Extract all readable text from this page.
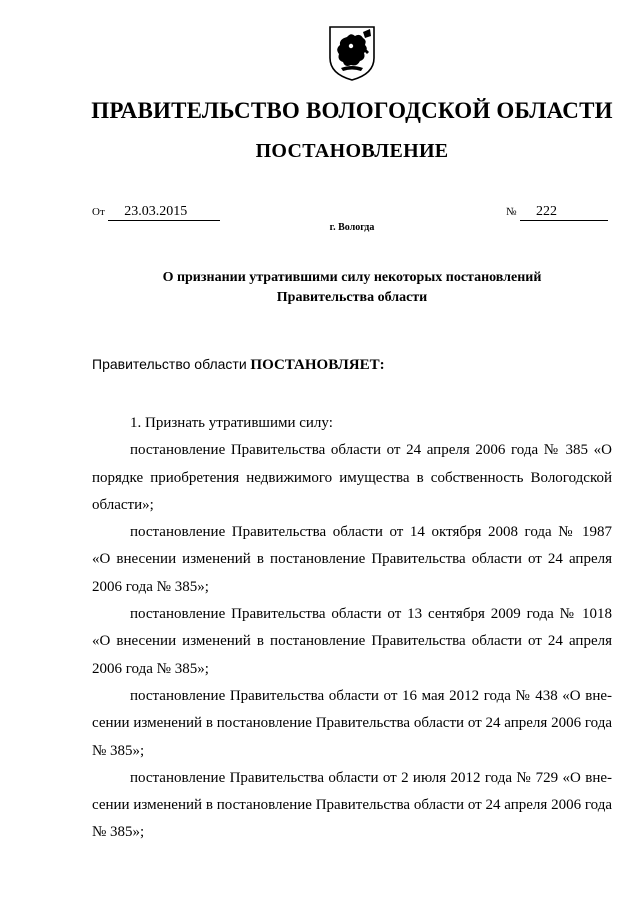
ПРАВИТЕЛЬСТВО ВОЛОГОДСКОЙ ОБЛАСТИ
ПОСТАНОВЛЕНИЕ
От 23.03.2015	№ 222
г. Вологда
О признании утратившими силу некоторых постановлений
Правительства области
Правительство области ПОСТАНОВЛЯЕТ:
1. Признать утратившими силу:

постановление Правительства области от 24 апреля 2006 года № 385 «О
порядке приобретения недвижимого имущества в собственность Вологодской
области»;

постановление Правительства области от 14 октября 2008 года № 1987
«О внесении изменений в постановление Правительства области от 24 апреля
2006 года № 385»;

постановление Правительства области от 13 сентября 2009 года № 1018
«О внесении изменений в постановление Правительства области от 24 апреля
2006 года № 385»;

постановление Правительства области от 16 мая 2012 года № 438 «О вне-
сении изменений в постановление Правительства области от 24 апреля 2006 года
№ 385»;

постановление Правительства области от 2 июля 2012 года № 729 «О вне-
сении изменений в постановление Правительства области от 24 апреля 2006 года
№ 385»;
